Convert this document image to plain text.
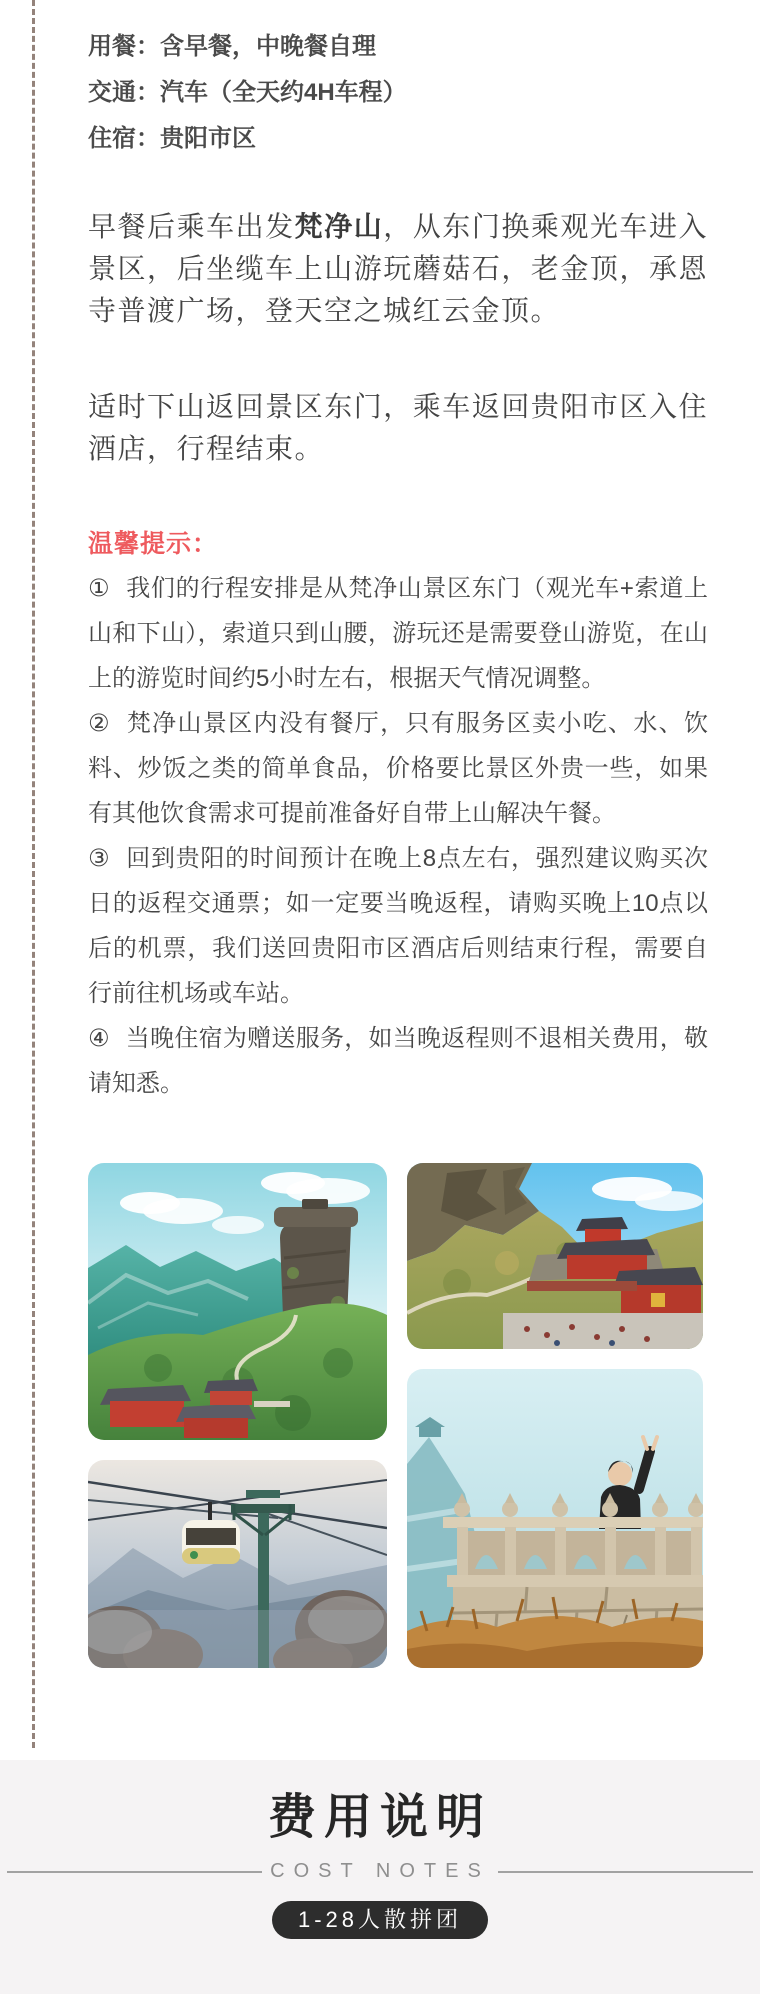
用餐：含早餐，中晚餐自理
交通：汽车（全天约4H车程）
住宿：贵阳市区
早餐后乘车出发梵净山，从东门换乘观光车进入景区，后坐缆车上山游玩蘑菇石，老金顶，承恩寺普渡广场，登天空之城红云金顶。
适时下山返回景区东门，乘车返回贵阳市区入住酒店，行程结束。
温馨提示：

① 我们的行程安排是从梵净山景区东门（观光车+索道上山和下山），索道只到山腰，游玩还是需要登山游览，在山上的游览时间约5小时左右，根据天气情况调整。

② 梵净山景区内没有餐厅，只有服务区卖小吃、水、饮料、炒饭之类的简单食品，价格要比景区外贵一些，如果有其他饮食需求可提前准备好自带上山解决午餐。

③ 回到贵阳的时间预计在晚上8点左右，强烈建议购买次日的返程交通票；如一定要当晚返程，请购买晚上10点以后的机票，我们送回贵阳市区酒店后则结束行程，需要自行前往机场或车站。

④ 当晚住宿为赠送服务，如当晚返程则不退相关费用，敬请知悉。

费用说明
COST NOTES
1-28人散拼团
